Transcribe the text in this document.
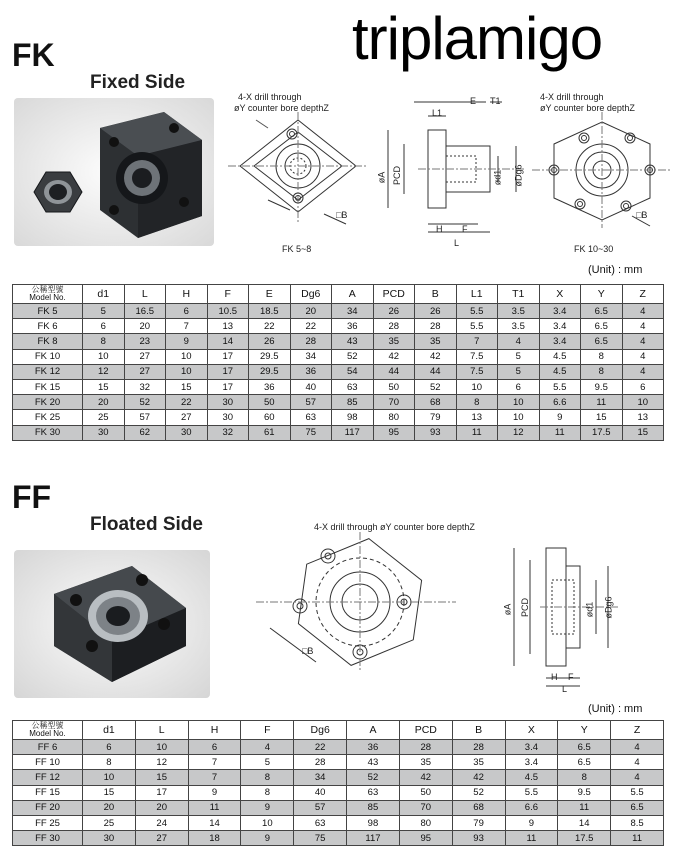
triplamigo
FK
Fixed Side
4-X drill through
øY counter bore depthZ
□B
FK 5~8
E T1
L1
øA PCD	ød1 øDg6
H F
L
4-X drill through
øY counter bore depthZ
□B
FK 10~30
(Unit) : mm
公稱型號
Model No.	d1	L	H	F	E	Dg6	A	PCD	B	L1	T1	X	Y	Z
FK 5	5	16.5	6	10.5	18.5	20	34	26	26	5.5	3.5	3.4	6.5	4
FK 6	6	20	7	13	22	22	36	28	28	5.5	3.5	3.4	6.5	4
FK 8	8	23	9	14	26	28	43	35	35	7	4	3.4	6.5	4
FK 10	10	27	10	17	29.5	34	52	42	42	7.5	5	4.5	8	4
FK 12	12	27	10	17	29.5	36	54	44	44	7.5	5	4.5	8	4
FK 15	15	32	15	17	36	40	63	50	52	10	6	5.5	9.5	6
FK 20	20	52	22	30	50	57	85	70	68	8	10	6.6	11	10
FK 25	25	57	27	30	60	63	98	80	79	13	10	9	15	13
FK 30	30	62	30	32	61	75	117	95	93	11	12	11	17.5	15
FF
Floated Side	4-X drill through øY counter bore depthZ
□B
øA PCD	ød1 øDg6
H F
L
(Unit) : mm
公稱型號
Model No.	d1	L	H	F	Dg6	A	PCD	B	X	Y	Z
FF 6	6	10	6	4	22	36	28	28	3.4	6.5	4
FF 10	8	12	7	5	28	43	35	35	3.4	6.5	4
FF 12	10	15	7	8	34	52	42	42	4.5	8	4
FF 15	15	17	9	8	40	63	50	52	5.5	9.5	5.5
FF 20	20	20	11	9	57	85	70	68	6.6	11	6.5
FF 25	25	24	14	10	63	98	80	79	9	14	8.5
FF 30	30	27	18	9	75	117	95	93	11	17.5	11
